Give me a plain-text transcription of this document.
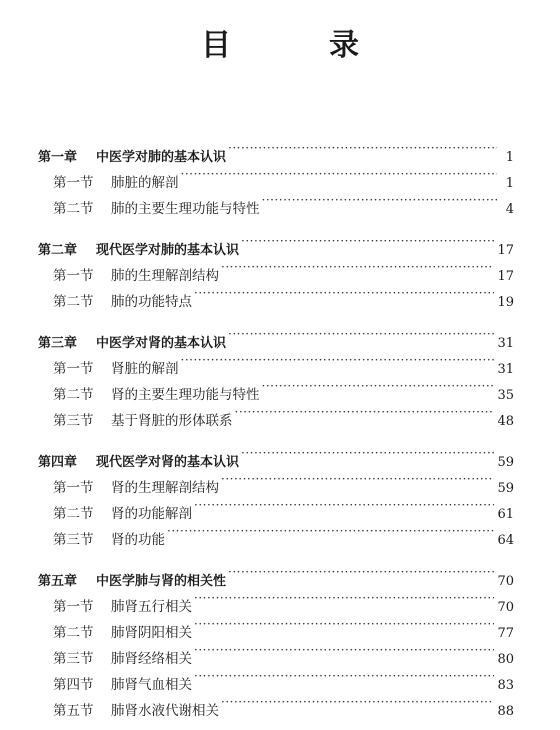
目　录
第一章	中医学对肺的基本认识 ·····	1
第一节	肺脏的解剖 ·····	1
第二节	肺的主要生理功能与特性 ·····	4
第二章	现代医学对肺的基本认识 ·····	17
第一节	肺的生理解剖结构 ·····	17
第二节	肺的功能特点 ·····	19
第三章	中医学对肾的基本认识 ·····	31
第一节	肾脏的解剖 ·····	31
第二节	肾的主要生理功能与特性 ·····	35
第三节	基于肾脏的形体联系 ·····	48
第四章	现代医学对肾的基本认识 ·····	59
第一节	肾的生理解剖结构 ·····	59
第二节	肾的功能解剖 ·····	61
第三节	肾的功能 ·····	64
第五章	中医学肺与肾的相关性 ·····	70
第一节	肺肾五行相关 ·····	70
第二节	肺肾阴阳相关 ·····	77
第三节	肺肾经络相关 ·····	80
第四节	肺肾气血相关 ·····	83
第五节	肺肾水液代谢相关 ·····	88
